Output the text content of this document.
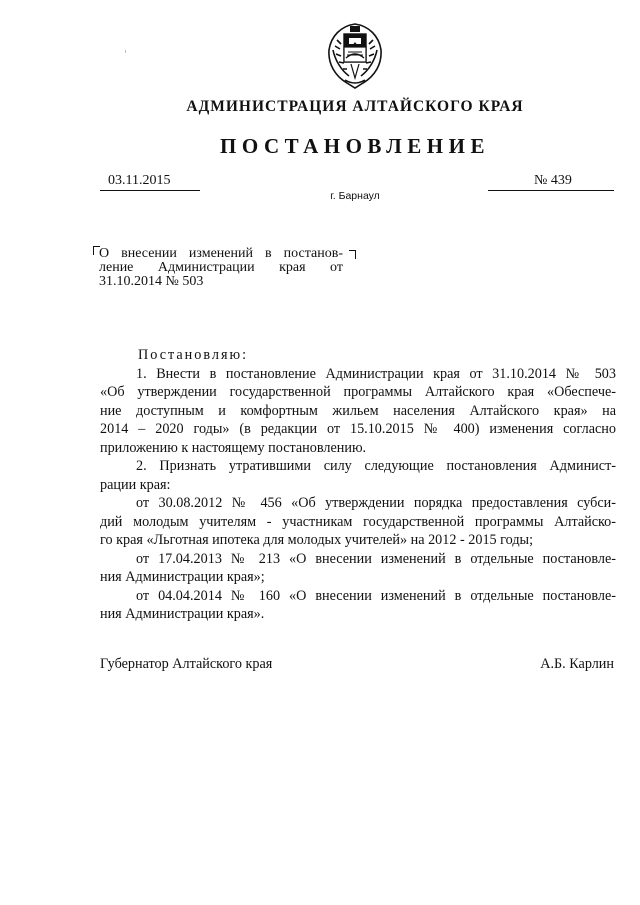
АДМИНИСТРАЦИЯ АЛТАЙСКОГО КРАЯ
ПОСТАНОВЛЕНИЕ
03.11.2015	№ 439
г. Барнаул
О внесении изменений в постанов-
ление Администрации края от
31.10.2014 № 503
Постановляю:
1. Внести в постановление Администрации края от 31.10.2014 № 503
«Об утверждении государственной программы Алтайского края «Обеспече-
ние доступным и комфортным жильем населения Алтайского края» на
2014 – 2020 годы» (в редакции от 15.10.2015 № 400) изменения согласно
приложению к настоящему постановлению.
2. Признать утратившими силу следующие постановления Админист-
рации края:
от 30.08.2012 № 456 «Об утверждении порядка предоставления субси-
дий молодым учителям - участникам государственной программы Алтайско-
го края «Льготная ипотека для молодых учителей» на 2012 - 2015 годы;
от 17.04.2013 № 213 «О внесении изменений в отдельные постановле-
ния Администрации края»;
от 04.04.2014 № 160 «О внесении изменений в отдельные постановле-
ния Администрации края».
Губернатор Алтайского края	А.Б. Карлин
